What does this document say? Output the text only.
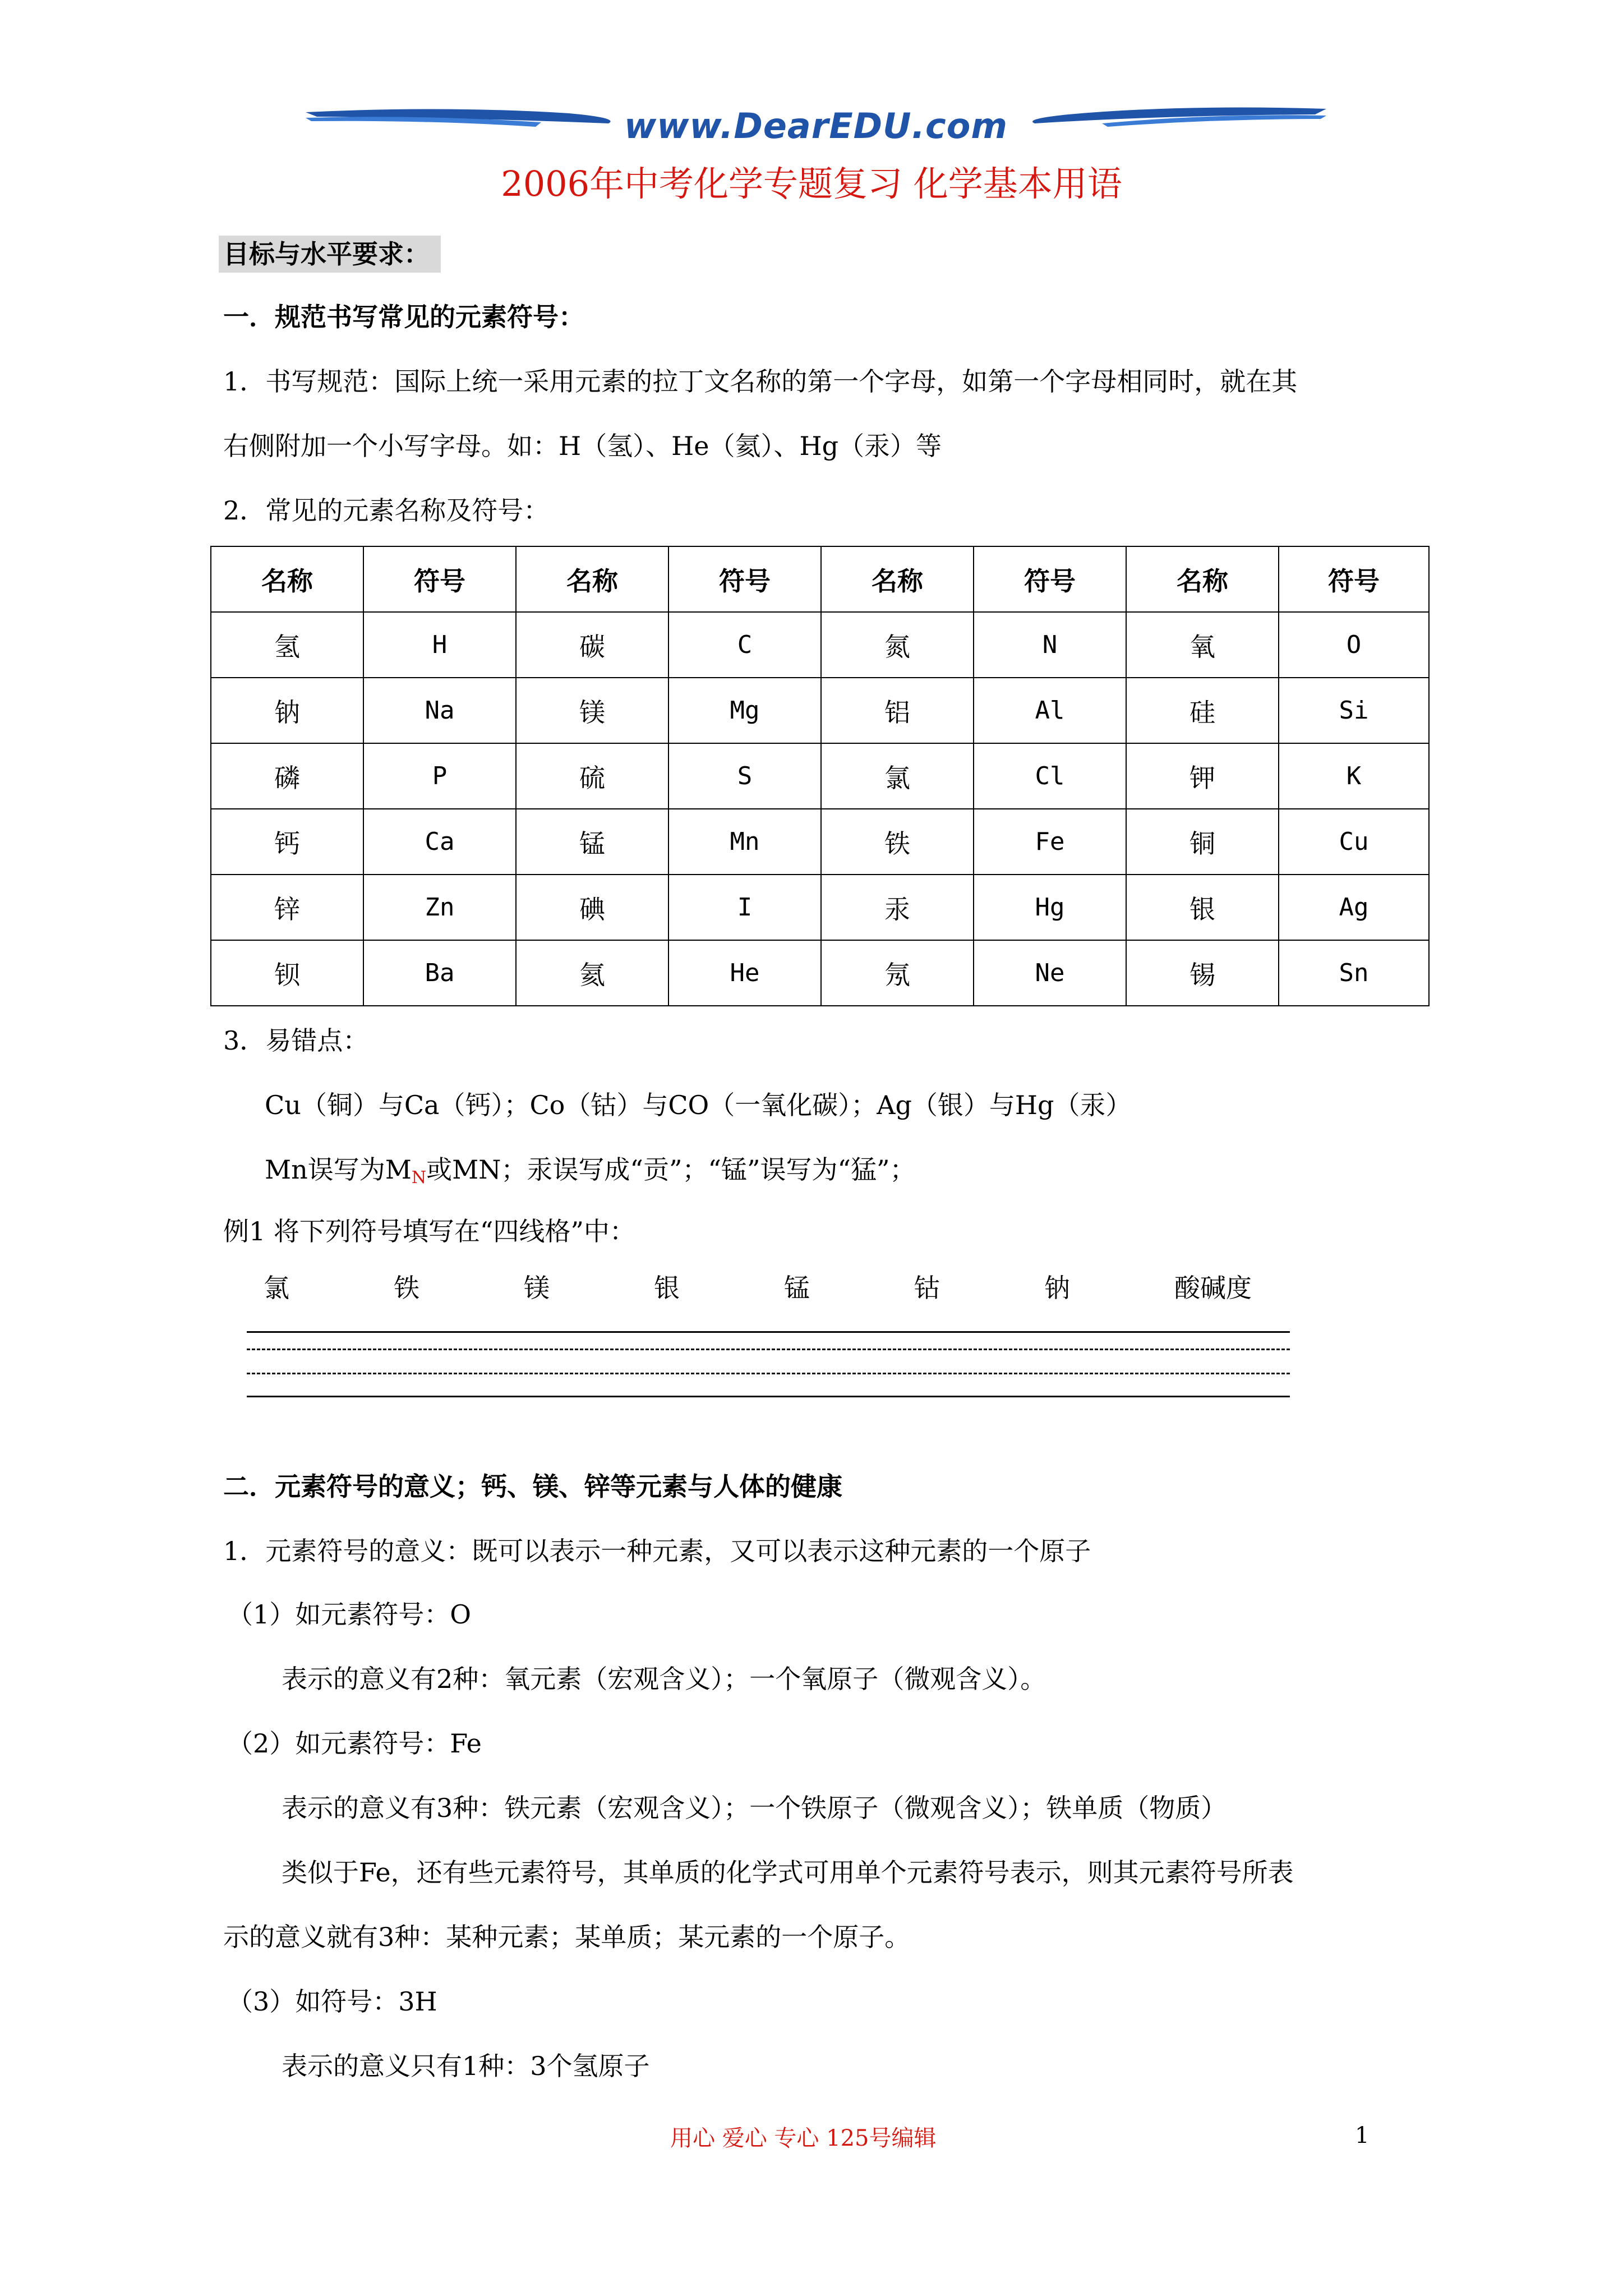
www.DearEDU.com
2006年中考化学专题复习 化学基本用语
目标与水平要求：
一．规范书写常见的元素符号：
1．书写规范：国际上统一采用元素的拉丁文名称的第一个字母，如第一个字母相同时，就在其
右侧附加一个小写字母。如：H（氢）、He（氦）、Hg（汞）等
2．常见的元素名称及符号：
名称	符号	名称	符号	名称	符号	名称	符号
氢	H	碳	C	氮	N	氧	O
钠	Na	镁	Mg	铝	Al	硅	Si
磷	P	硫	S	氯	Cl	钾	K
钙	Ca	锰	Mn	铁	Fe	铜	Cu
锌	Zn	碘	I	汞	Hg	银	Ag
钡	Ba	氦	He	氖	Ne	锡	Sn
3．易错点：
Cu（铜）与Ca（钙）；Co（钴）与CO（一氧化碳）；Ag（银）与Hg（汞）
Mn误写为MN或MN；汞误写成“贡”；“锰”误写为“猛”；
例1 将下列符号填写在“四线格”中：
氯	铁	镁	银	锰	钴	钠	酸碱度
二．元素符号的意义；钙、镁、锌等元素与人体的健康
1．元素符号的意义：既可以表示一种元素，又可以表示这种元素的一个原子
（1）如元素符号：O
表示的意义有2种：氧元素（宏观含义）；一个氧原子（微观含义）。
（2）如元素符号：Fe
表示的意义有3种：铁元素（宏观含义）；一个铁原子（微观含义）；铁单质（物质）
类似于Fe，还有些元素符号，其单质的化学式可用单个元素符号表示，则其元素符号所表
示的意义就有3种：某种元素；某单质；某元素的一个原子。
（3）如符号：3H
表示的意义只有1种：3个氢原子
用心 爱心 专心 125号编辑	1
